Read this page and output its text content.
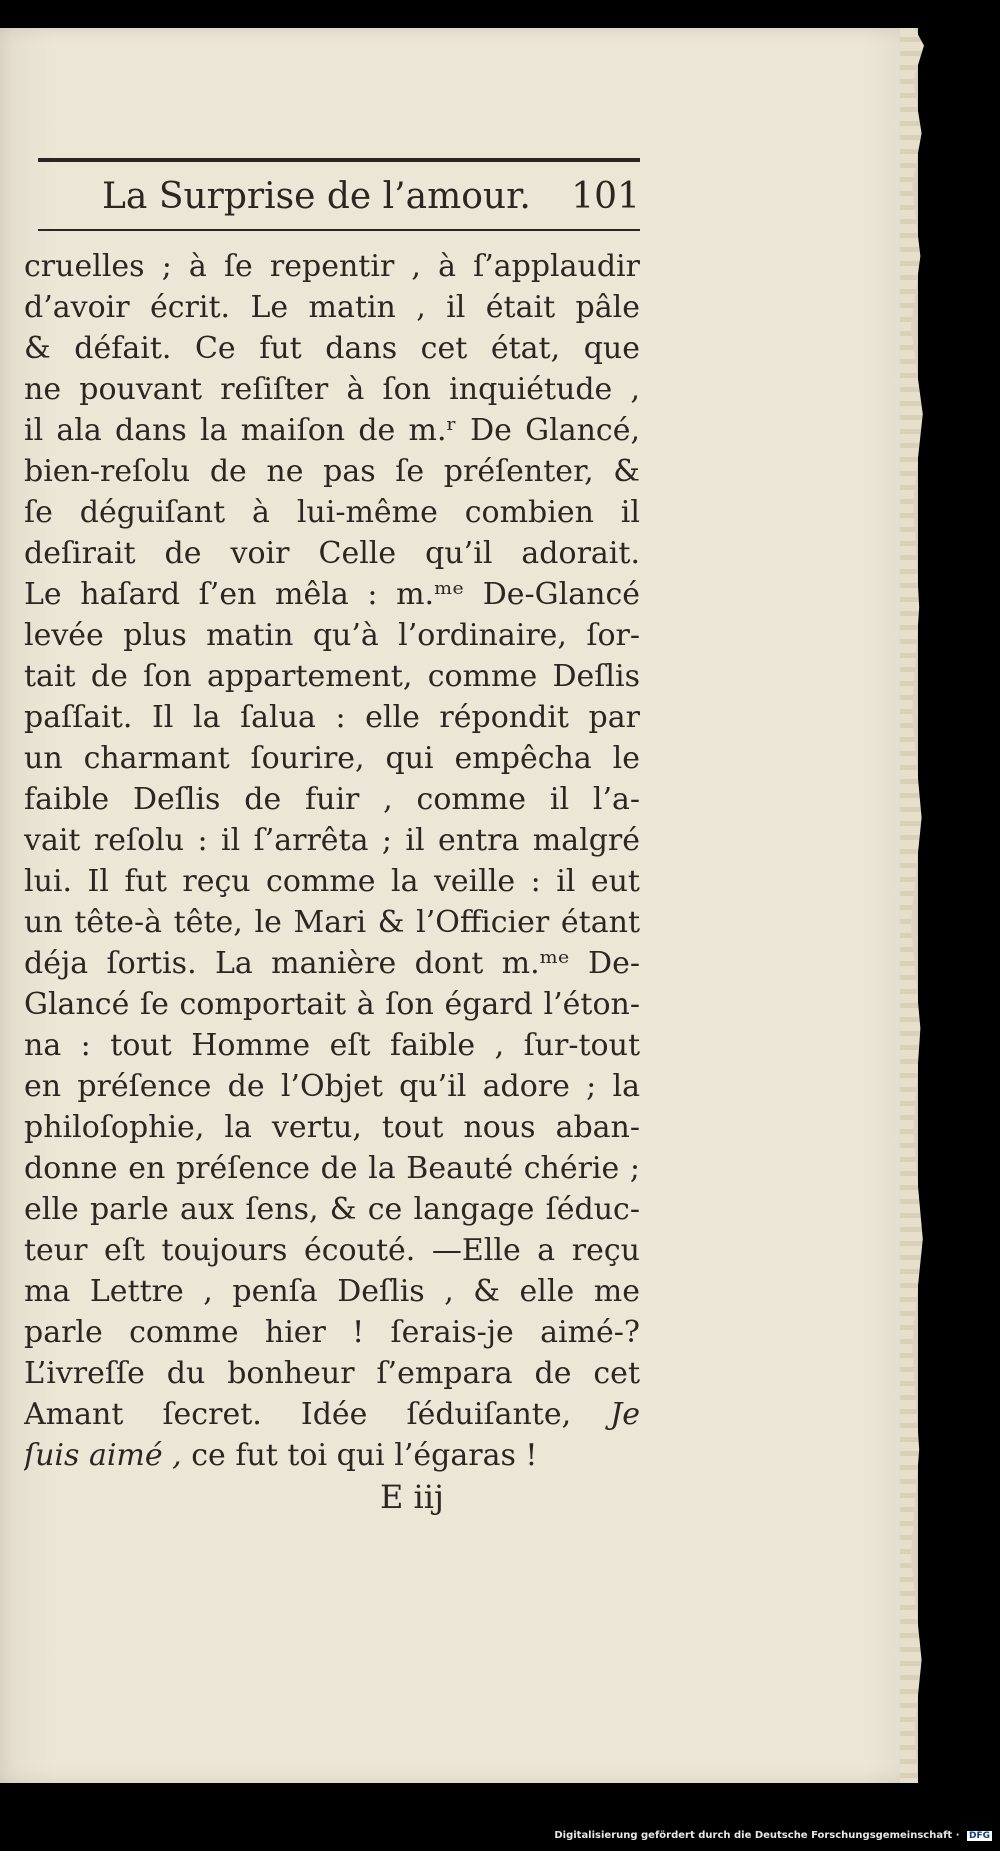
La Surprise de l’amour. 101
cruelles ; à ſe repentir , à ſ’applaudir
d’avoir écrit. Le matin , il était pâle
& défait. Ce fut dans cet état, que
ne pouvant reſiſter à ſon inquiétude ,
il ala dans la maiſon de m.ʳ De Glancé,
bien-reſolu de ne pas ſe préſenter, &
ſe déguiſant à lui-même combien il
deſirait de voir Celle qu’il adorait.
Le haſard ſ’en mêla : m.ᵐᵉ De-Glancé
levée plus matin qu’à l’ordinaire, ſor-
tait de ſon appartement, comme Deſlis
paſſait. Il la ſalua : elle répondit par
un charmant ſourire, qui empêcha le
faible Deſlis de fuir , comme il l’a-
vait reſolu : il ſ’arrêta ; il entra malgré
lui. Il fut reçu comme la veille : il eut
un tête-à tête, le Mari & l’Officier étant
déja ſortis. La manière dont m.ᵐᵉ De-
Glancé ſe comportait à ſon égard l’éton-
na : tout Homme eſt faible , ſur-tout
en préſence de l’Objet qu’il adore ; la
philoſophie, la vertu, tout nous aban-
donne en préſence de la Beauté chérie ;
elle parle aux ſens, & ce langage ſéduc-
teur eſt toujours écouté. —Elle a reçu
ma Lettre , penſa Deſlis , & elle me
parle comme hier ! ſerais-je aimé-?
L’ivreſſe du bonheur ſ’empara de cet
Amant ſecret. Idée ſéduiſante, Je
ſuis aimé , ce fut toi qui l’égaras !
E iij
Digitalisierung gefördert durch die Deutsche Forschungsgemeinschaft · DFG
